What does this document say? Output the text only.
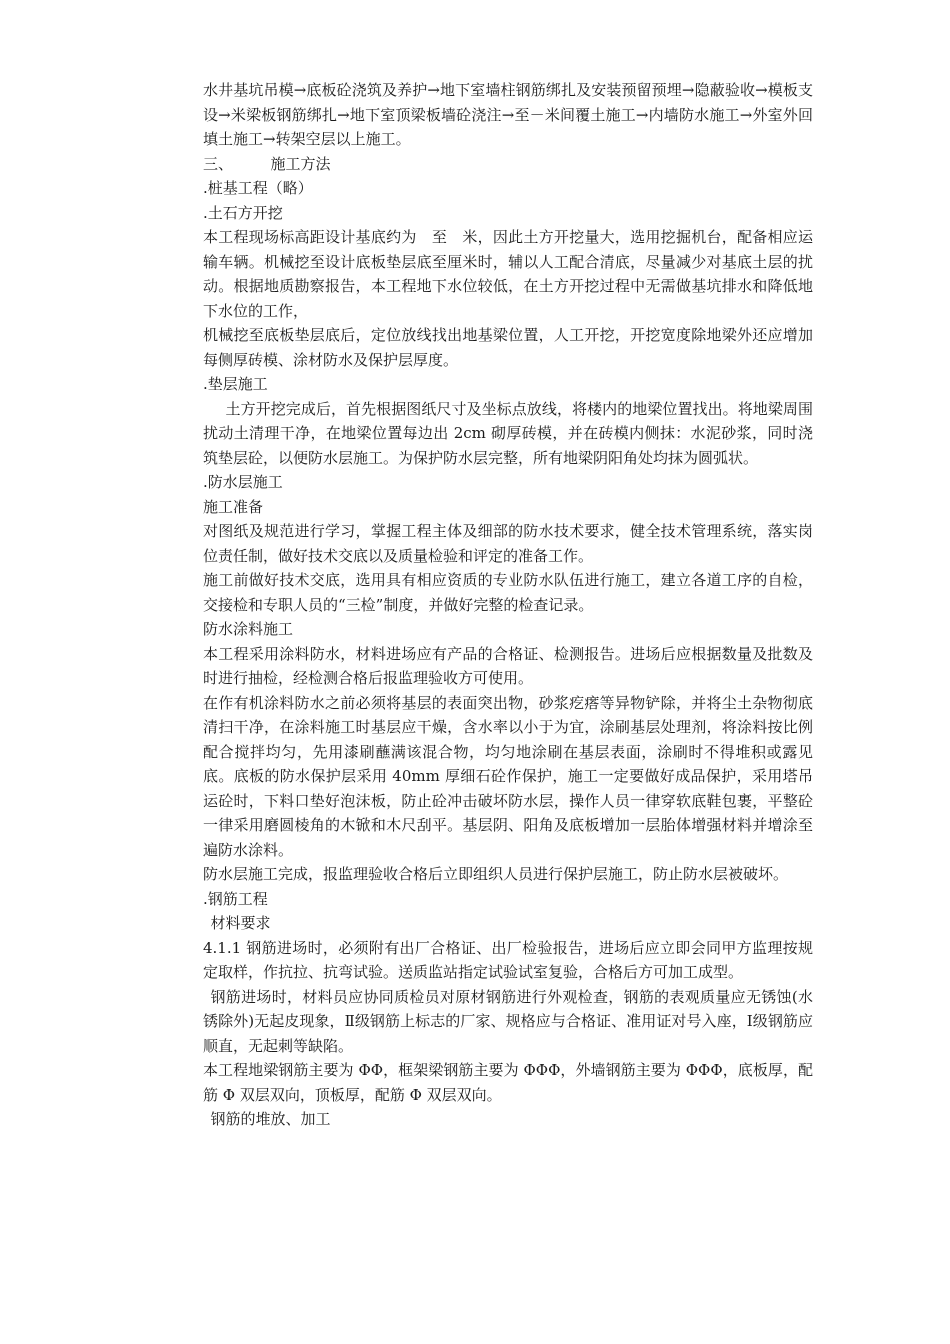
水井基坑吊模→底板砼浇筑及养护→地下室墙柱钢筋绑扎及安装预留预埋→隐蔽验收→模板支设→米梁板钢筋绑扎→地下室顶梁板墙砼浇注→至－米间覆土施工→内墙防水施工→外室外回填土施工→转架空层以上施工。

三、　　　施工方法

.桩基工程（略）

.土石方开挖

本工程现场标高距设计基底约为　至　米，因此土方开挖量大，选用挖掘机台，配备相应运输车辆。机械挖至设计底板垫层底至厘米时，辅以人工配合清底，尽量减少对基底土层的扰动。根据地质勘察报告，本工程地下水位较低，在土方开挖过程中无需做基坑排水和降低地下水位的工作，

机械挖至底板垫层底后，定位放线找出地基梁位置，人工开挖，开挖宽度除地梁外还应增加每侧厚砖模、涂材防水及保护层厚度。

.垫层施工

土方开挖完成后，首先根据图纸尺寸及坐标点放线，将楼内的地梁位置找出。将地梁周围扰动土清理干净，在地梁位置每边出 2cm 砌厚砖模，并在砖模内侧抹：水泥砂浆，同时浇筑垫层砼，以便防水层施工。为保护防水层完整，所有地梁阴阳角处均抹为圆弧状。

.防水层施工

施工准备

对图纸及规范进行学习，掌握工程主体及细部的防水技术要求，健全技术管理系统，落实岗位责任制，做好技术交底以及质量检验和评定的准备工作。

施工前做好技术交底，选用具有相应资质的专业防水队伍进行施工，建立各道工序的自检，交接检和专职人员的“三检”制度，并做好完整的检查记录。

防水涂料施工

本工程采用涂料防水，材料进场应有产品的合格证、检测报告。进场后应根据数量及批数及时进行抽检，经检测合格后报监理验收方可使用。

在作有机涂料防水之前必须将基层的表面突出物，砂浆疙瘩等异物铲除，并将尘土杂物彻底清扫干净，在涂料施工时基层应干燥，含水率以小于为宜，涂刷基层处理剂，将涂料按比例配合搅拌均匀，先用漆刷蘸满该混合物，均匀地涂刷在基层表面，涂刷时不得堆积或露见底。底板的防水保护层采用 40mm 厚细石砼作保护，施工一定要做好成品保护，采用塔吊运砼时，下料口垫好泡沫板，防止砼冲击破坏防水层，操作人员一律穿软底鞋包裹，平整砼一律采用磨圆棱角的木锨和木尺刮平。基层阴、阳角及底板增加一层胎体增强材料并增涂至遍防水涂料。

防水层施工完成，报监理验收合格后立即组织人员进行保护层施工，防止防水层被破坏。

.钢筋工程

材料要求

4.1.1 钢筋进场时，必须附有出厂合格证、出厂检验报告，进场后应立即会同甲方监理按规定取样，作抗拉、抗弯试验。送质监站指定试验试室复验，合格后方可加工成型。

钢筋进场时，材料员应协同质检员对原材钢筋进行外观检查，钢筋的表观质量应无锈蚀(水锈除外)无起皮现象，Ⅱ级钢筋上标志的厂家、规格应与合格证、准用证对号入座，Ⅰ级钢筋应顺直，无起刺等缺陷。

本工程地梁钢筋主要为 ΦΦ，框架梁钢筋主要为 ΦΦΦ，外墙钢筋主要为 ΦΦΦ，底板厚，配筋 Φ 双层双向，顶板厚，配筋 Φ 双层双向。

钢筋的堆放、加工
